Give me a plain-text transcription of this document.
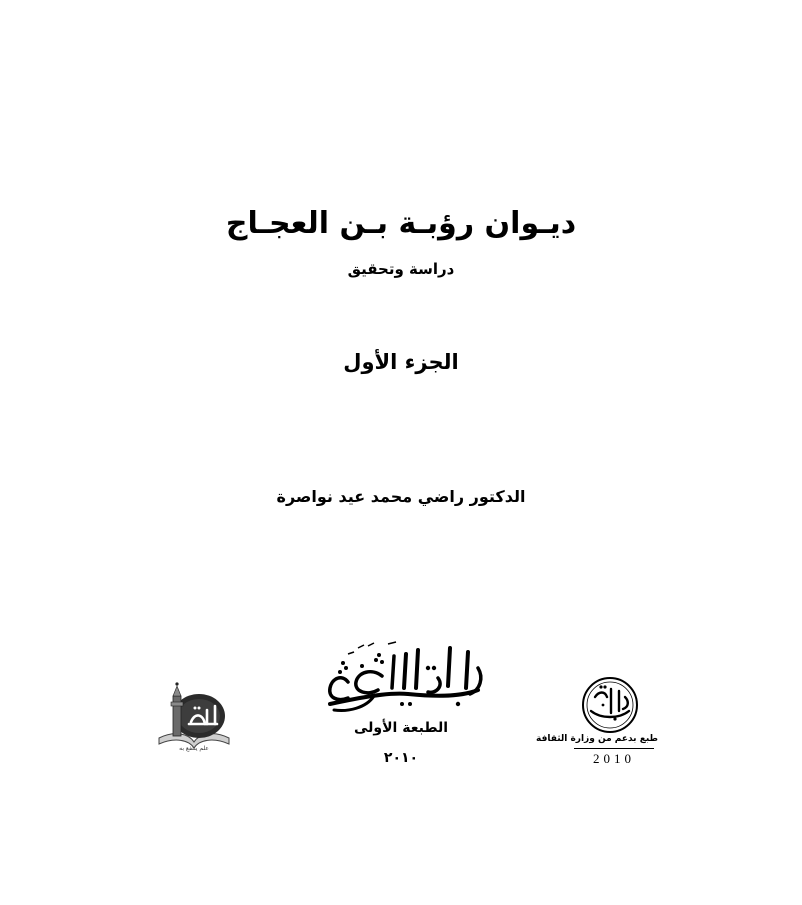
ديـوان رؤبـة بـن العجـاج
دراسة وتحقيق
الجزء الأول
الدكتور راضي محمد عيد نواصرة
الطبعة الأولى
٢٠١٠
علم ينتفع به
طبع بدعم من وزارة الثقافة
2010
